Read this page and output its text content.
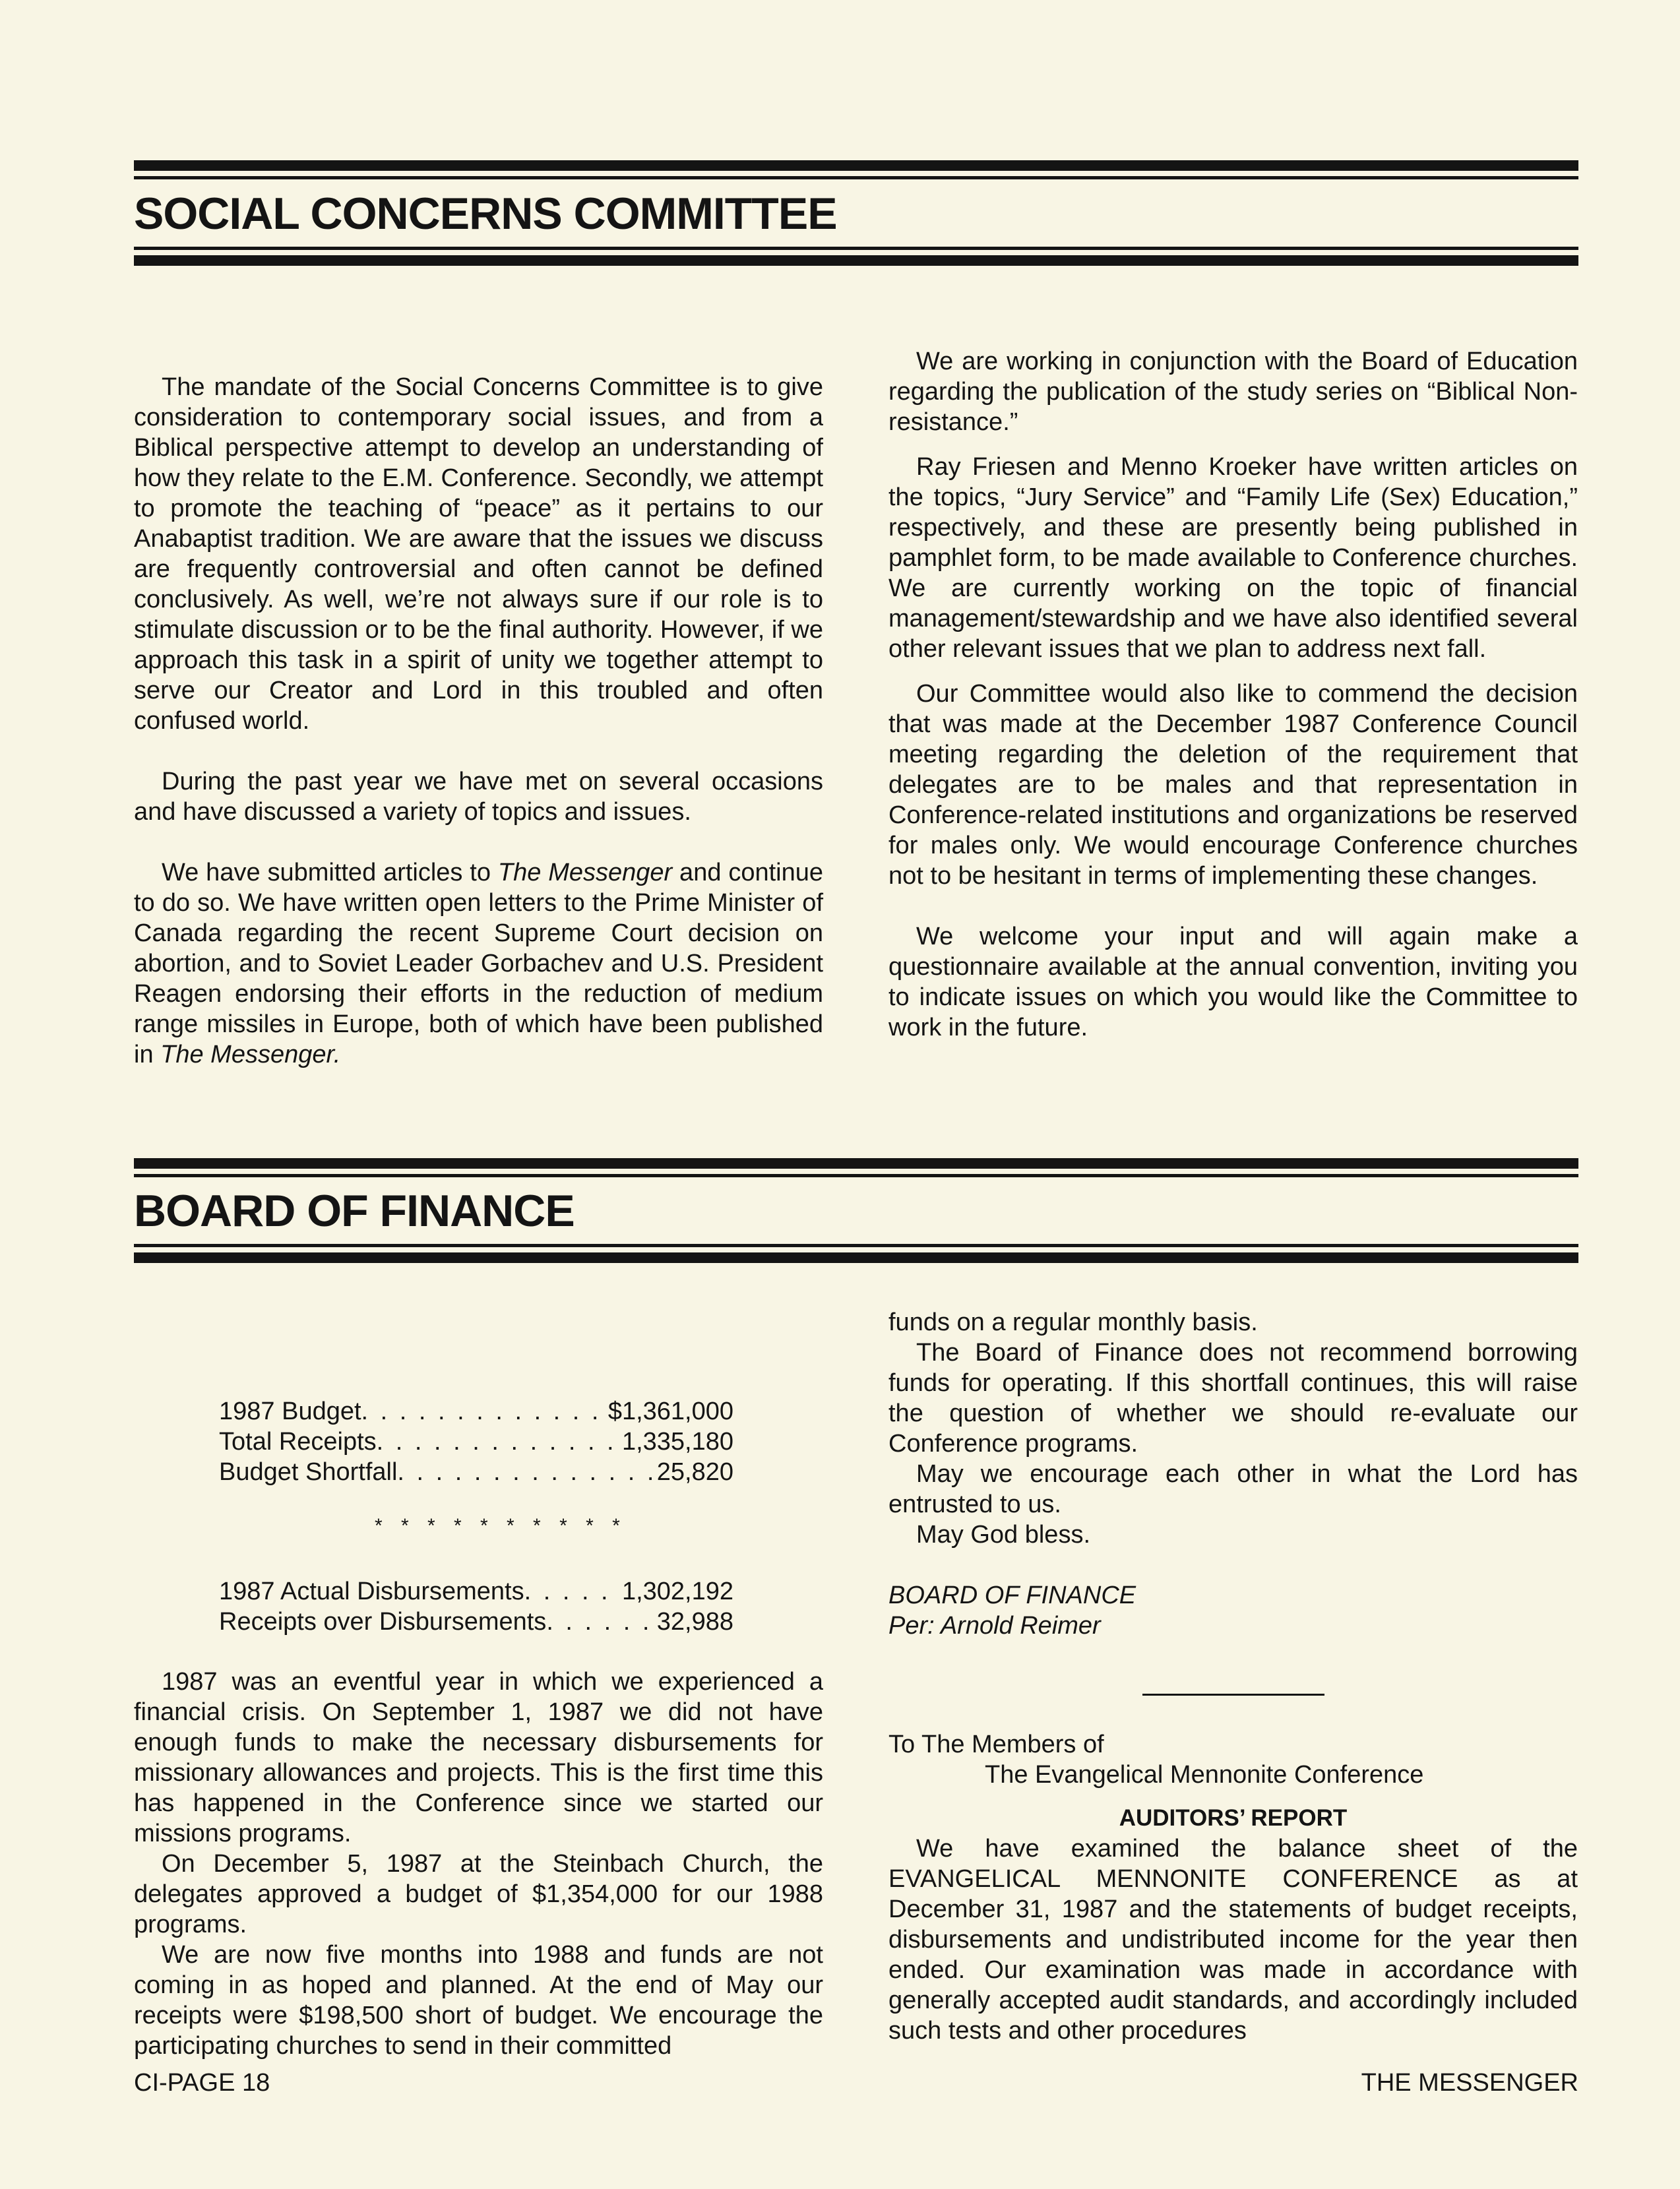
SOCIAL CONCERNS COMMITTEE

The mandate of the Social Concerns Committee is to give consideration to contemporary social issues, and from a Biblical perspective attempt to develop an understanding of how they relate to the E.M. Conference. Secondly, we attempt to promote the teaching of “peace” as it pertains to our Anabaptist tradition. We are aware that the issues we discuss are frequently controversial and often cannot be defined conclusively. As well, we’re not always sure if our role is to stimulate discussion or to be the final authority. However, if we approach this task in a spirit of unity we together attempt to serve our Creator and Lord in this troubled and often confused world.

During the past year we have met on several occasions and have discussed a variety of topics and issues.

We have submitted articles to The Messenger and continue to do so. We have written open letters to the Prime Minister of Canada regarding the recent Supreme Court decision on abortion, and to Soviet Leader Gorbachev and U.S. President Reagen endorsing their efforts in the reduction of medium range missiles in Europe, both of which have been published in The Messenger.

We are working in conjunction with the Board of Education regarding the publication of the study series on “Biblical Non-resistance.”

Ray Friesen and Menno Kroeker have written articles on the topics, “Jury Service” and “Family Life (Sex) Education,” respectively, and these are presently being published in pamphlet form, to be made available to Conference churches. We are currently working on the topic of financial management/stewardship and we have also identified several other relevant issues that we plan to address next fall.

Our Committee would also like to commend the decision that was made at the December 1987 Conference Council meeting regarding the deletion of the requirement that delegates are to be males and that representation in Conference-related institutions and organizations be reserved for males only. We would encourage Conference churches not to be hesitant in terms of implementing these changes.

We welcome your input and will again make a questionnaire available at the annual convention, inviting you to indicate issues on which you would like the Committee to work in the future.

BOARD OF FINANCE
1987 Budget . . .	$1,361,000
Total Receipts . . .	1,335,180
Budget Shortfall . . .	25,820
* * * * * * * * * *
1987 Actual Disbursements . . .	1,302,192
Receipts over Disbursements . . .	32,988

1987 was an eventful year in which we experienced a financial crisis. On September 1, 1987 we did not have enough funds to make the necessary disbursements for missionary allowances and projects. This is the first time this has happened in the Conference since we started our missions programs.

On December 5, 1987 at the Steinbach Church, the delegates approved a budget of $1,354,000 for our 1988 programs.

We are now five months into 1988 and funds are not coming in as hoped and planned. At the end of May our receipts were $198,500 short of budget. We encourage the participating churches to send in their committed

funds on a regular monthly basis.

The Board of Finance does not recommend borrowing funds for operating. If this shortfall continues, this will raise the question of whether we should re-evaluate our Conference programs.

May we encourage each other in what the Lord has entrusted to us.

May God bless.

BOARD OF FINANCE

Per: Arnold Reimer

To The Members of

The Evangelical Mennonite Conference

AUDITORS’ REPORT

We have examined the balance sheet of the EVANGELICAL MENNONITE CONFERENCE as at December 31, 1987 and the statements of budget receipts, disbursements and undistributed income for the year then ended. Our examination was made in accordance with generally accepted audit standards, and accordingly included such tests and other procedures

CI-PAGE 18	THE MESSENGER
